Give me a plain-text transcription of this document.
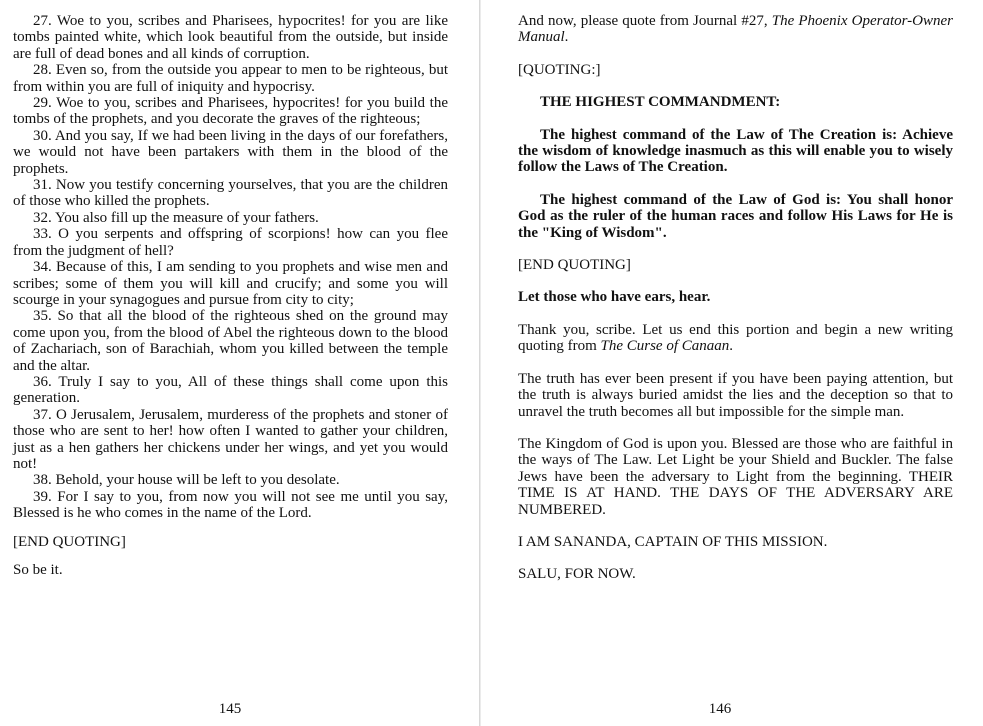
27. Woe to you, scribes and Pharisees, hypocrites! for you are like tombs painted white, which look beautiful from the outside, but inside are full of dead bones and all kinds of corruption.

28. Even so, from the outside you appear to men to be righteous, but from within you are full of iniquity and hypocrisy.

29. Woe to you, scribes and Pharisees, hypocrites! for you build the tombs of the prophets, and you decorate the graves of the righteous;

30. And you say, If we had been living in the days of our forefathers, we would not have been partakers with them in the blood of the prophets.

31. Now you testify concerning yourselves, that you are the children of those who killed the prophets.

32. You also fill up the measure of your fathers.

33. O you serpents and offspring of scorpions! how can you flee from the judgment of hell?

34. Because of this, I am sending to you prophets and wise men and scribes; some of them you will kill and crucify; and some you will scourge in your synagogues and pursue from city to city;

35. So that all the blood of the righteous shed on the ground may come upon you, from the blood of Abel the righteous down to the blood of Zachariach, son of Barachiah, whom you killed between the temple and the altar.

36. Truly I say to you, All of these things shall come upon this generation.

37. O Jerusalem, Jerusalem, murderess of the prophets and stoner of those who are sent to her! how often I wanted to gather your children, just as a hen gathers her chickens under her wings, and yet you would not!

38. Behold, your house will be left to you desolate.

39. For I say to you, from now you will not see me until you say, Blessed is he who comes in the name of the Lord.

[END QUOTING]

So be it.

145

And now, please quote from Journal #27, The Phoenix Operator-Owner Manual.

[QUOTING:]

THE HIGHEST COMMANDMENT:

The highest command of the Law of The Creation is: Achieve the wisdom of knowledge inasmuch as this will enable you to wisely follow the Laws of The Creation.

The highest command of the Law of God is: You shall honor God as the ruler of the human races and follow His Laws for He is the "King of Wisdom".

[END QUOTING]

Let those who have ears, hear.

Thank you, scribe. Let us end this portion and begin a new writing quoting from The Curse of Canaan.

The truth has ever been present if you have been paying attention, but the truth is always buried amidst the lies and the deception so that to unravel the truth becomes all but impossible for the simple man.

The Kingdom of God is upon you. Blessed are those who are faithful in the ways of The Law. Let Light be your Shield and Buckler. The false Jews have been the adversary to Light from the beginning. THEIR TIME IS AT HAND. THE DAYS OF THE ADVERSARY ARE NUMBERED.

I AM SANANDA, CAPTAIN OF THIS MISSION.

SALU, FOR NOW.

146
